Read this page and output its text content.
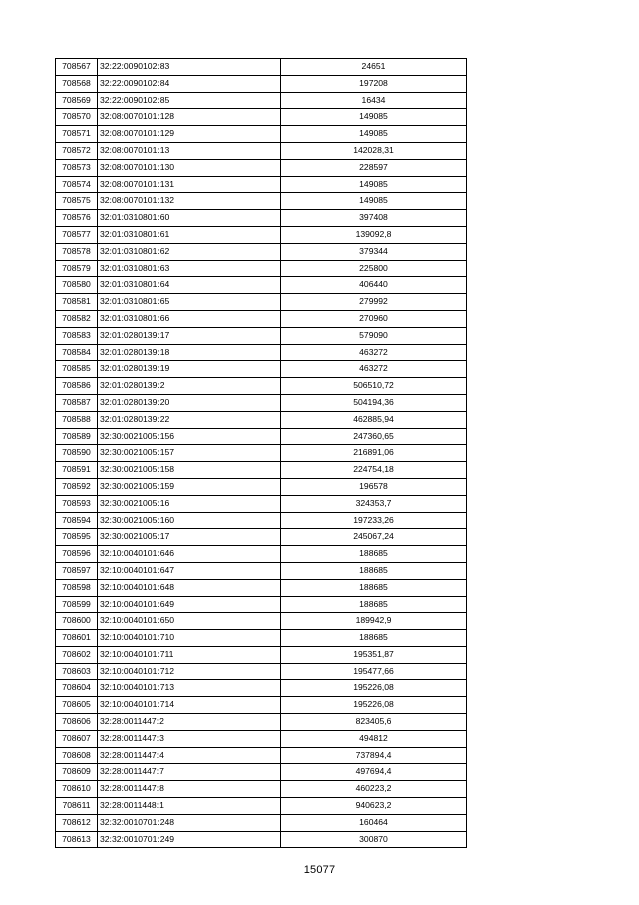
708567	32:22:0090102:83	24651
708568	32:22:0090102:84	197208
708569	32:22:0090102:85	16434
708570	32:08:0070101:128	149085
708571	32:08:0070101:129	149085
708572	32:08:0070101:13	142028,31
708573	32:08:0070101:130	228597
708574	32:08:0070101:131	149085
708575	32:08:0070101:132	149085
708576	32:01:0310801:60	397408
708577	32:01:0310801:61	139092,8
708578	32:01:0310801:62	379344
708579	32:01:0310801:63	225800
708580	32:01:0310801:64	406440
708581	32:01:0310801:65	279992
708582	32:01:0310801:66	270960
708583	32:01:0280139:17	579090
708584	32:01:0280139:18	463272
708585	32:01:0280139:19	463272
708586	32:01:0280139:2	506510,72
708587	32:01:0280139:20	504194,36
708588	32:01:0280139:22	462885,94
708589	32:30:0021005:156	247360,65
708590	32:30:0021005:157	216891,06
708591	32:30:0021005:158	224754,18
708592	32:30:0021005:159	196578
708593	32:30:0021005:16	324353,7
708594	32:30:0021005:160	197233,26
708595	32:30:0021005:17	245067,24
708596	32:10:0040101:646	188685
708597	32:10:0040101:647	188685
708598	32:10:0040101:648	188685
708599	32:10:0040101:649	188685
708600	32:10:0040101:650	189942,9
708601	32:10:0040101:710	188685
708602	32:10:0040101:711	195351,87
708603	32:10:0040101:712	195477,66
708604	32:10:0040101:713	195226,08
708605	32:10:0040101:714	195226,08
708606	32:28:0011447:2	823405,6
708607	32:28:0011447:3	494812
708608	32:28:0011447:4	737894,4
708609	32:28:0011447:7	497694,4
708610	32:28:0011447:8	460223,2
708611	32:28:0011448:1	940623,2
708612	32:32:0010701:248	160464
708613	32:32:0010701:249	300870
15077
